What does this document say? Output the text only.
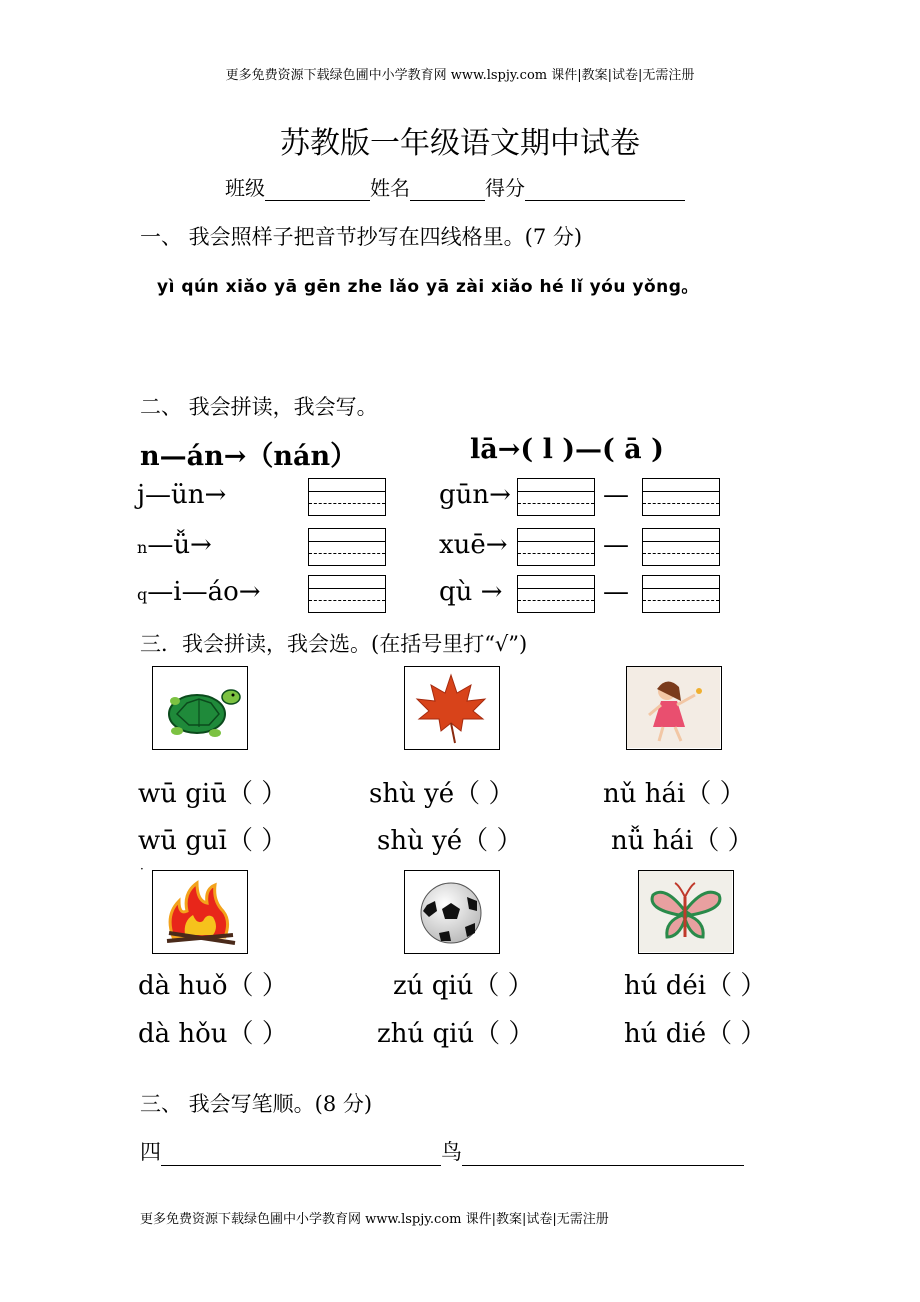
更多免费资源下载绿色圃中小学教育网 www.lspjy.com 课件|教案|试卷|无需注册
苏教版一年级语文期中试卷
班级	姓名	得分
一、 我会照样子把音节抄写在四线格里。(7 分)
yì qún xiǎo yā gēn zhe lǎo yā zài xiǎo hé lǐ yóu yǒng。
二、 我会拼读，我会写。
n—án→（nán）	lā→( l )—( ā )
j—ün→	gūn→	—
n—ǚ→	xuē→	—
q—i—áo→	qù →	—
三．我会拼读，我会选。(在括号里打“√”)
wū giū（ ）	shù yé（ ）	nǔ hái（ ）
wū guī（ ）	shù yé（ ）	nǚ hái（ ）
·
dà huǒ（ ）	zú qiú（ ）	hú déi（ ）
dà hǒu（ ）	zhú qiú（ ）	hú dié（ ）
三、 我会写笔顺。(8 分)
四	鸟
更多免费资源下载绿色圃中小学教育网 www.lspjy.com 课件|教案|试卷|无需注册
